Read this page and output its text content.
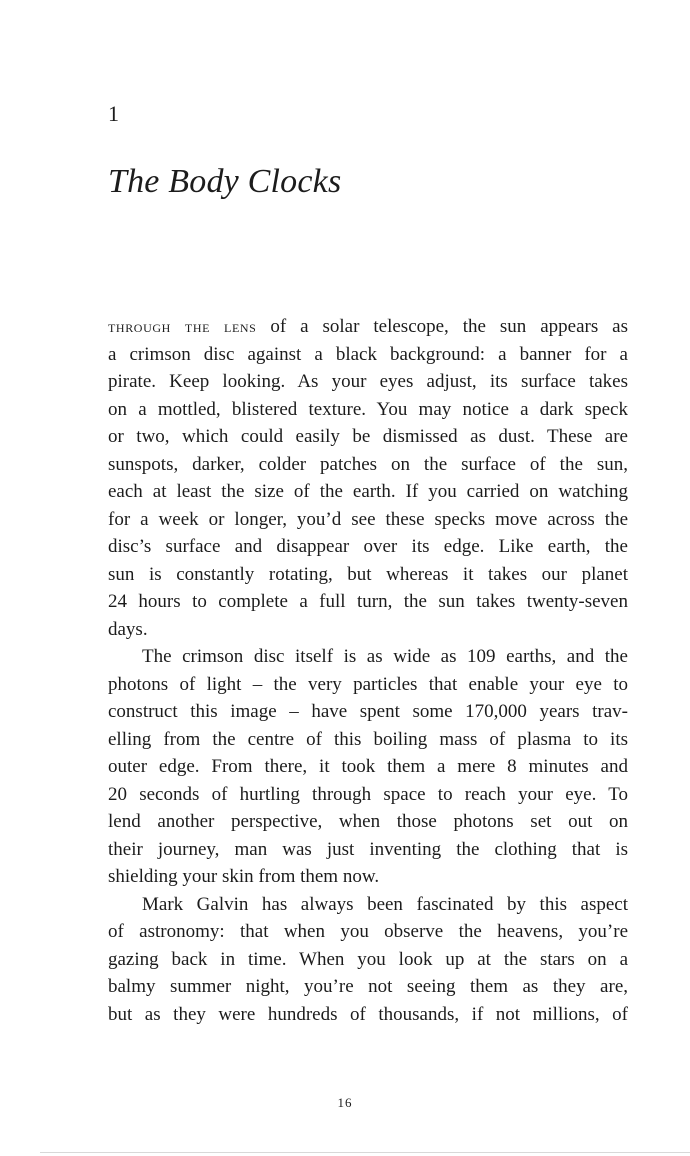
1
The Body Clocks

through the lens of a solar telescope, the sun appears as
a crimson disc against a black background: a banner for a
pirate. Keep looking. As your eyes adjust, its surface takes
on a mottled, blistered texture. You may notice a dark speck
or two, which could easily be dismissed as dust. These are
sunspots, darker, colder patches on the surface of the sun,
each at least the size of the earth. If you carried on watching
for a week or longer, you’d see these specks move across the
disc’s surface and disappear over its edge. Like earth, the
sun is constantly rotating, but whereas it takes our planet
24 hours to complete a full turn, the sun takes twenty-seven
days.

The crimson disc itself is as wide as 109 earths, and the
photons of light – the very particles that enable your eye to
construct this image – have spent some 170,000 years trav-
elling from the centre of this boiling mass of plasma to its
outer edge. From there, it took them a mere 8 minutes and
20 seconds of hurtling through space to reach your eye. To
lend another perspective, when those photons set out on
their journey, man was just inventing the clothing that is
shielding your skin from them now.

Mark Galvin has always been fascinated by this aspect
of astronomy: that when you observe the heavens, you’re
gazing back in time. When you look up at the stars on a
balmy summer night, you’re not seeing them as they are,
but as they were hundreds of thousands, if not millions, of

16
